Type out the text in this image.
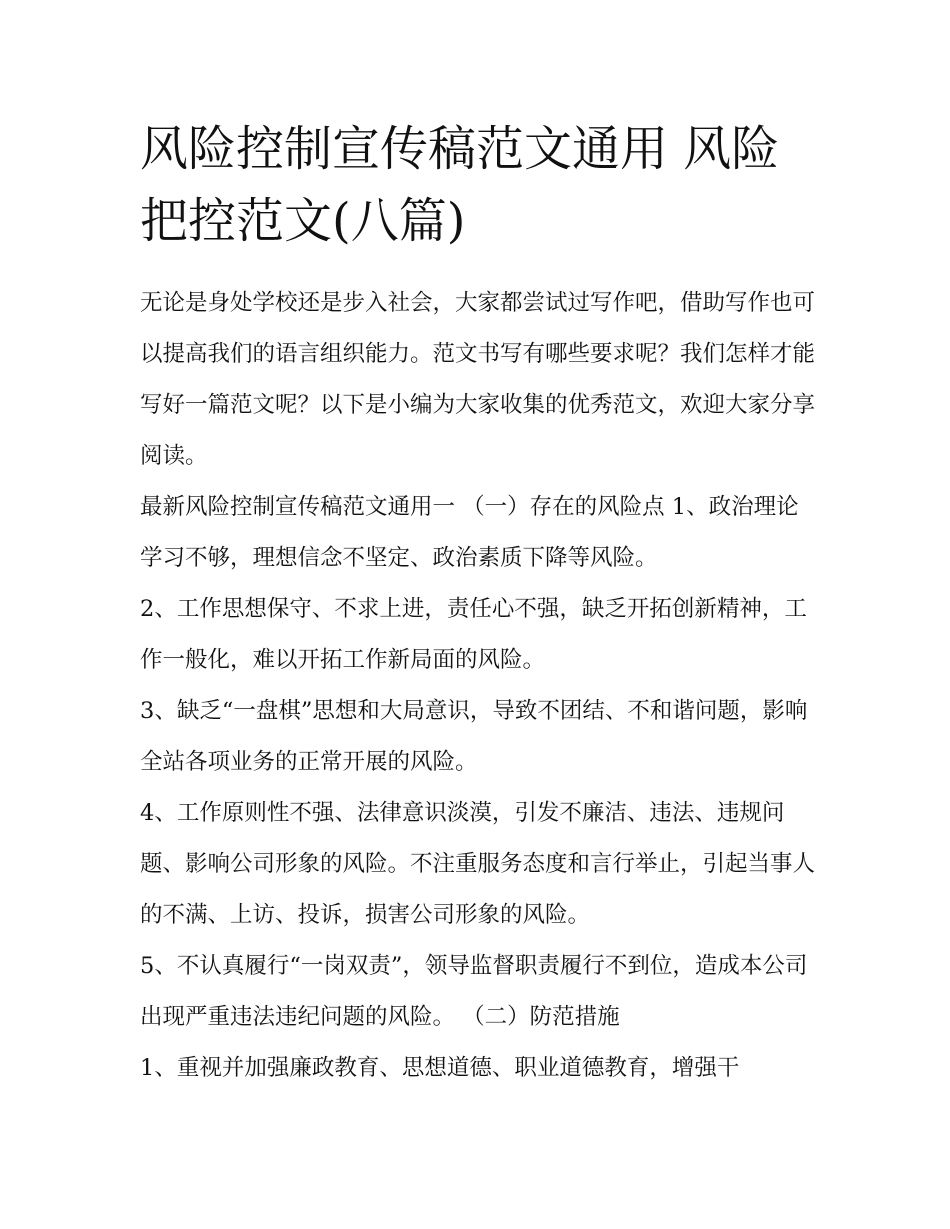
风险控制宣传稿范文通用 风险把控范文(八篇)

无论是身处学校还是步入社会，大家都尝试过写作吧，借助写作也可以提高我们的语言组织能力。范文书写有哪些要求呢？我们怎样才能写好一篇范文呢？以下是小编为大家收集的优秀范文，欢迎大家分享阅读。

最新风险控制宣传稿范文通用一 （一）存在的风险点 1、政治理论学习不够，理想信念不坚定、政治素质下降等风险。

2、工作思想保守、不求上进，责任心不强，缺乏开拓创新精神，工作一般化，难以开拓工作新局面的风险。

3、缺乏“一盘棋”思想和大局意识，导致不团结、不和谐问题，影响全站各项业务的正常开展的风险。

4、工作原则性不强、法律意识淡漠，引发不廉洁、违法、违规问题、影响公司形象的风险。不注重服务态度和言行举止，引起当事人的不满、上访、投诉，损害公司形象的风险。

5、不认真履行“一岗双责”，领导监督职责履行不到位，造成本公司出现严重违法违纪问题的风险。 （二）防范措施

1、重视并加强廉政教育、思想道德、职业道德教育，增强干
